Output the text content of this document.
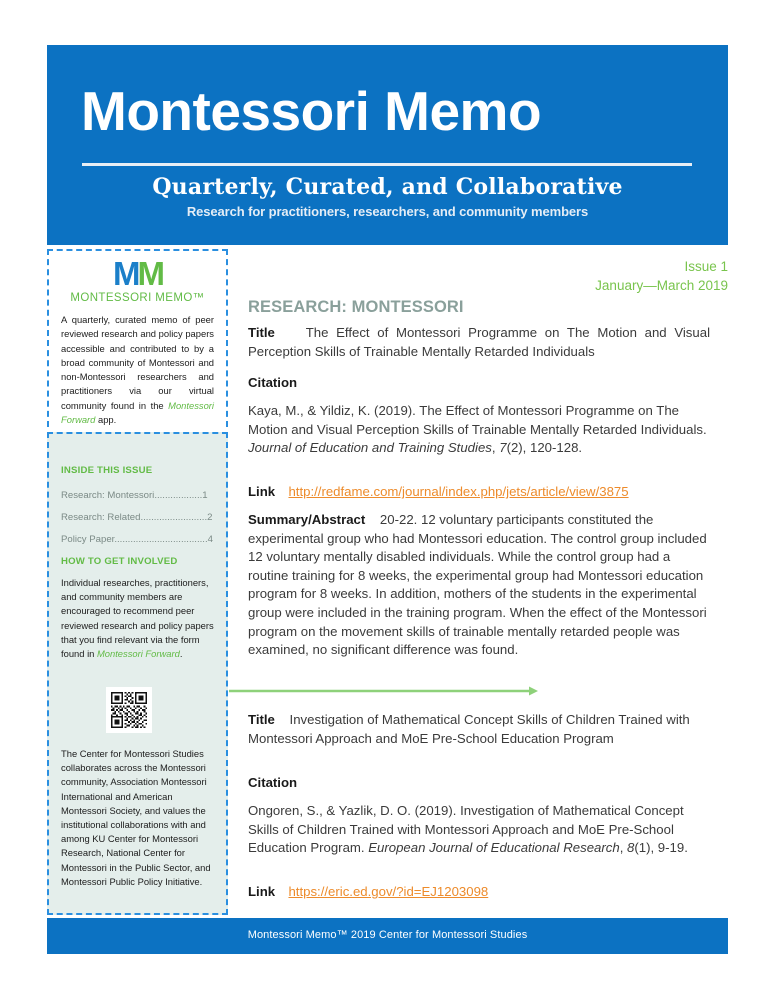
Montessori Memo
Quarterly, Curated, and Collaborative
Research for practitioners, researchers, and community members
MM
MONTESSORI MEMO™
A quarterly, curated memo of peer reviewed research and policy papers accessible and contributed to by a broad community of Montessori and non-Montessori researchers and practitioners via our virtual community found in the Montessori Forward app.
INSIDE THIS ISSUE
Research: Montessori..................1
Research: Related.........................2
Policy Paper...................................4
HOW TO GET INVOLVED
Individual researches, practitioners, and community members are encouraged to recommend peer reviewed research and policy papers that you find relevant via the form found in Montessori Forward.
The Center for Montessori Studies collaborates across the Montessori community, Association Montessori International and American Montessori Society, and values the institutional collaborations with and among KU Center for Montessori Research, National Center for Montessori in the Public Sector, and Montessori Public Policy Initiative.
Issue 1
January—March 2019
RESEARCH: MONTESSORI
Title The Effect of Montessori Programme on The Motion and Visual Perception Skills of Trainable Mentally Retarded Individuals
Citation
Kaya, M., & Yildiz, K. (2019). The Effect of Montessori Programme on The Motion and Visual Perception Skills of Trainable Mentally Retarded Individuals. Journal of Education and Training Studies, 7(2), 120-128.
Link http://redfame.com/journal/index.php/jets/article/view/3875
Summary/Abstract 20-22. 12 voluntary participants constituted the experimental group who had Montessori education. The control group included 12 voluntary mentally disabled individuals. While the control group had a routine training for 8 weeks, the experimental group had Montessori education program for 8 weeks. In addition, mothers of the students in the experimental group were included in the training program. When the effect of the Montessori program on the movement skills of trainable mentally retarded people was examined, no significant difference was found.
Title Investigation of Mathematical Concept Skills of Children Trained with Montessori Approach and MoE Pre-School Education Program
Citation
Ongoren, S., & Yazlik, D. O. (2019). Investigation of Mathematical Concept Skills of Children Trained with Montessori Approach and MoE Pre-School Education Program. European Journal of Educational Research, 8(1), 9-19.
Link https://eric.ed.gov/?id=EJ1203098
Montessori Memo™ 2019 Center for Montessori Studies
